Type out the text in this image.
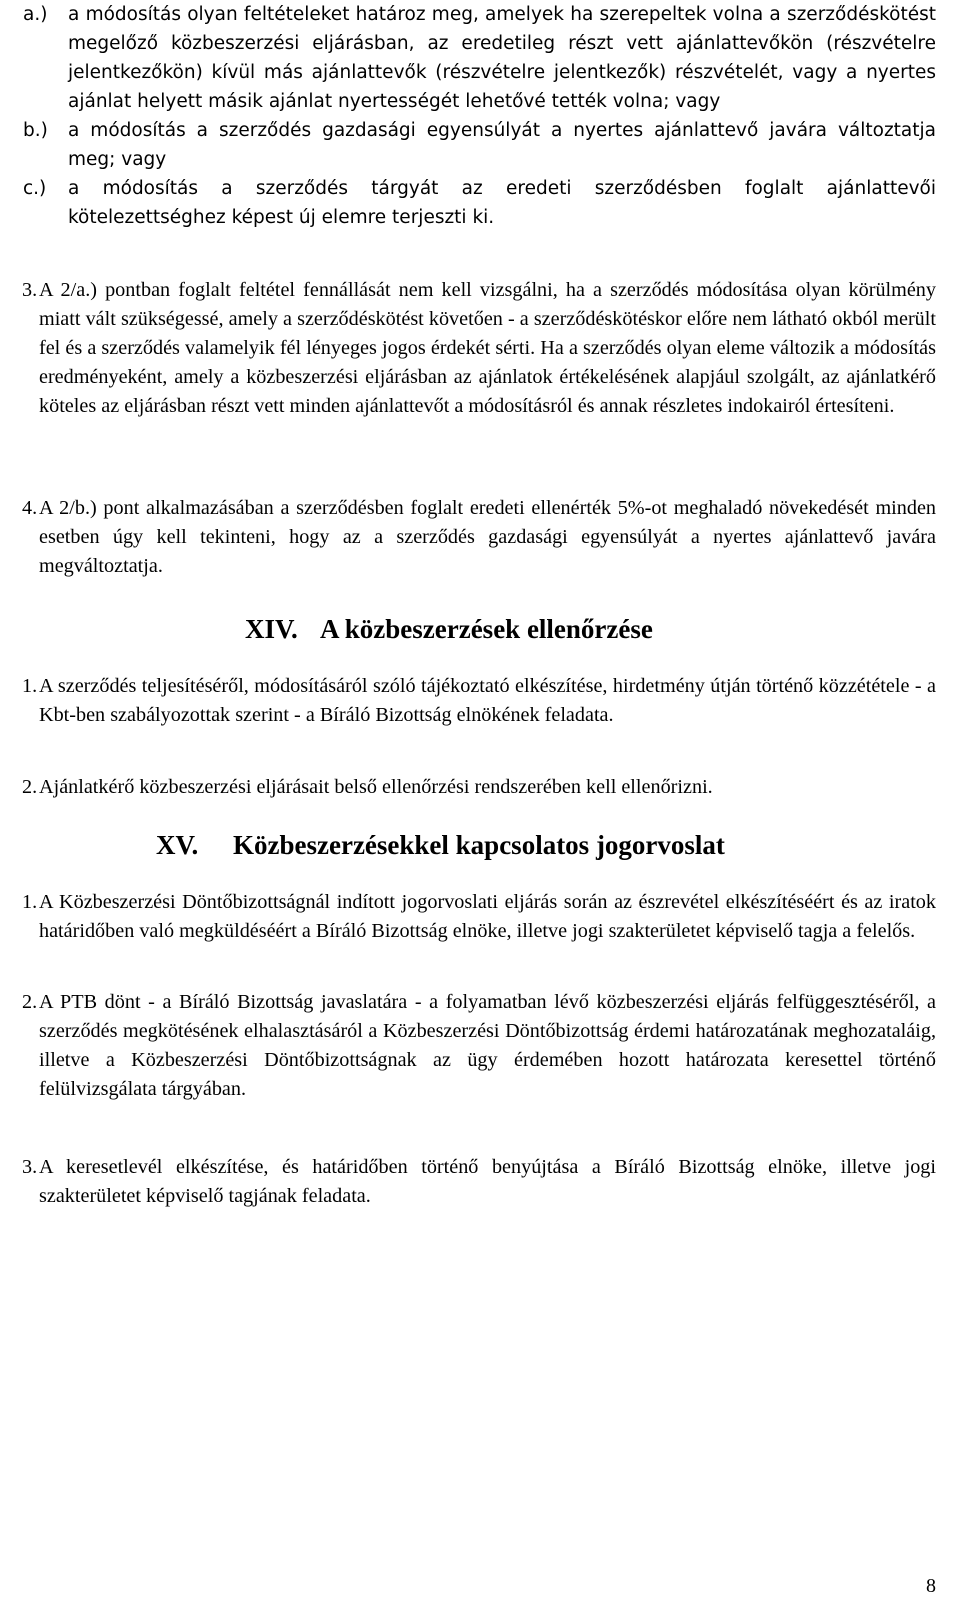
a.) a módosítás olyan feltételeket határoz meg, amelyek ha szerepeltek volna a szerződéskötést megelőző közbeszerzési eljárásban, az eredetileg részt vett ajánlattevőkön (részvételre jelentkezőkön) kívül más ajánlattevők (részvételre jelentkezők) részvételét, vagy a nyertes ajánlat helyett másik ajánlat nyertességét lehetővé tették volna; vagy
b.) a módosítás a szerződés gazdasági egyensúlyát a nyertes ajánlattevő javára változtatja meg; vagy
c.) a módosítás a szerződés tárgyát az eredeti szerződésben foglalt ajánlattevői kötelezettséghez képest új elemre terjeszti ki.
3. A 2/a.) pontban foglalt feltétel fennállását nem kell vizsgálni, ha a szerződés módosítása olyan körülmény miatt vált szükségessé, amely a szerződéskötést követően - a szerződéskötéskor előre nem látható okból merült fel és a szerződés valamelyik fél lényeges jogos érdekét sérti. Ha a szerződés olyan eleme változik a módosítás eredményeként, amely a közbeszerzési eljárásban az ajánlatok értékelésének alapjául szolgált, az ajánlatkérő köteles az eljárásban részt vett minden ajánlattevőt a módosításról és annak részletes indokairól értesíteni.

4. A 2/b.) pont alkalmazásában a szerződésben foglalt eredeti ellenérték 5%-ot meghaladó növekedését minden esetben úgy kell tekinteni, hogy az a szerződés gazdasági egyensúlyát a nyertes ajánlattevő javára megváltoztatja.

XIV. A közbeszerzések ellenőrzése
1. A szerződés teljesítéséről, módosításáról szóló tájékoztató elkészítése, hirdetmény útján történő közzététele - a Kbt-ben szabályozottak szerint - a Bíráló Bizottság elnökének feladata.

2. Ajánlatkérő közbeszerzési eljárásait belső ellenőrzési rendszerében kell ellenőrizni.

XV. Közbeszerzésekkel kapcsolatos jogorvoslat
1. A Közbeszerzési Döntőbizottságnál indított jogorvoslati eljárás során az észrevétel elkészítéséért és az iratok határidőben való megküldéséért a Bíráló Bizottság elnöke, illetve jogi szakterületet képviselő tagja a felelős.

2. A PTB dönt - a Bíráló Bizottság javaslatára - a folyamatban lévő közbeszerzési eljárás felfüggesztéséről, a szerződés megkötésének elhalasztásáról a Közbeszerzési Döntőbizottság érdemi határozatának meghozataláig, illetve a Közbeszerzési Döntőbizottságnak az ügy érdemében hozott határozata keresettel történő felülvizsgálata tárgyában.

3. A keresetlevél elkészítése, és határidőben történő benyújtása a Bíráló Bizottság elnöke, illetve jogi szakterületet képviselő tagjának feladata.

8
